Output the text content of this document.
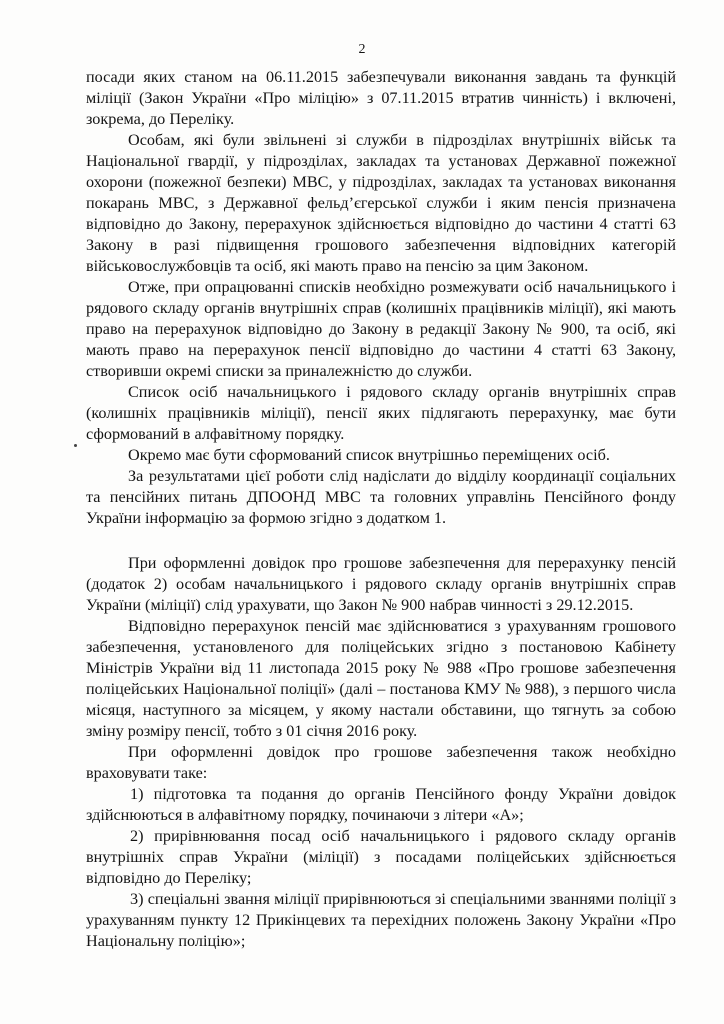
2

посади яких станом на 06.11.2015 забезпечували виконання завдань та функцій міліції (Закон України «Про міліцію» з 07.11.2015 втратив чинність) і включені, зокрема, до Переліку.

Особам, які були звільнені зі служби в підрозділах внутрішніх військ та Національної гвардії, у підрозділах, закладах та установах Державної пожежної охорони (пожежної безпеки) МВС, у підрозділах, закладах та установах виконання покарань МВС, з Державної фельд’єгерської служби і яким пенсія призначена відповідно до Закону, перерахунок здійснюється відповідно до частини 4 статті 63 Закону в разі підвищення грошового забезпечення відповідних категорій військовослужбовців та осіб, які мають право на пенсію за цим Законом.

Отже, при опрацюванні списків необхідно розмежувати осіб начальницького і рядового складу органів внутрішніх справ (колишніх працівників міліції), які мають право на перерахунок відповідно до Закону в редакції Закону № 900, та осіб, які мають право на перерахунок пенсії відповідно до частини 4 статті 63 Закону, створивши окремі списки за приналежністю до служби.

Список осіб начальницького і рядового складу органів внутрішніх справ (колишніх працівників міліції), пенсії яких підлягають перерахунку, має бути сформований в алфавітному порядку.

Окремо має бути сформований список внутрішньо переміщених осіб.

За результатами цієї роботи слід надіслати до відділу координації соціальних та пенсійних питань ДПООНД МВС та головних управлінь Пенсійного фонду України інформацію за формою згідно з додатком 1.

При оформленні довідок про грошове забезпечення для перерахунку пенсій (додаток 2) особам начальницького і рядового складу органів внутрішніх справ України (міліції) слід урахувати, що Закон № 900 набрав чинності з 29.12.2015.

Відповідно перерахунок пенсій має здійснюватися з урахуванням грошового забезпечення, установленого для поліцейських згідно з постановою Кабінету Міністрів України від 11 листопада 2015 року № 988 «Про грошове забезпечення поліцейських Національної поліції» (далі – постанова КМУ № 988), з першого числа місяця, наступного за місяцем, у якому настали обставини, що тягнуть за собою зміну розміру пенсії, тобто з 01 січня 2016 року.

При оформленні довідок про грошове забезпечення також необхідно враховувати таке:

1) підготовка та подання до органів Пенсійного фонду України довідок здійснюються в алфавітному порядку, починаючи з літери «А»;

2) прирівнювання посад осіб начальницького і рядового складу органів внутрішніх справ України (міліції) з посадами поліцейських здійснюється відповідно до Переліку;

3) спеціальні звання міліції прирівнюються зі спеціальними званнями поліції з урахуванням пункту 12 Прикінцевих та перехідних положень Закону України «Про Національну поліцію»;
